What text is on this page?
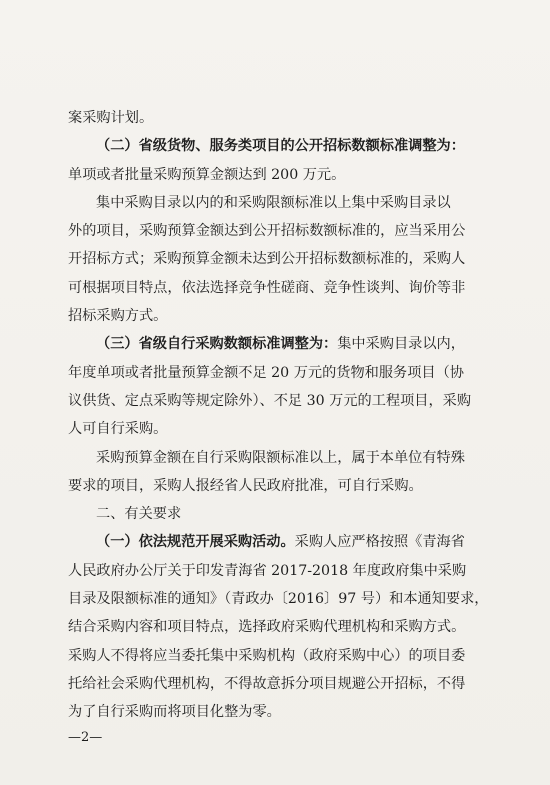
案采购计划。
（二）省级货物、服务类项目的公开招标数额标准调整为：
单项或者批量采购预算金额达到 200 万元。
集中采购目录以内的和采购限额标准以上集中采购目录以
外的项目，采购预算金额达到公开招标数额标准的，应当采用公
开招标方式；采购预算金额未达到公开招标数额标准的，采购人
可根据项目特点，依法选择竞争性磋商、竞争性谈判、询价等非
招标采购方式。
（三）省级自行采购数额标准调整为：集中采购目录以内，
年度单项或者批量预算金额不足 20 万元的货物和服务项目（协
议供货、定点采购等规定除外）、不足 30 万元的工程项目，采购
人可自行采购。
采购预算金额在自行采购限额标准以上，属于本单位有特殊
要求的项目，采购人报经省人民政府批准，可自行采购。
二、有关要求
（一）依法规范开展采购活动。采购人应严格按照《青海省
人民政府办公厅关于印发青海省 2017-2018 年度政府集中采购
目录及限额标准的通知》（青政办〔2016〕97 号）和本通知要求，
结合采购内容和项目特点，选择政府采购代理机构和采购方式。
采购人不得将应当委托集中采购机构（政府采购中心）的项目委
托给社会采购代理机构，不得故意拆分项目规避公开招标，不得
为了自行采购而将项目化整为零。
—2—
